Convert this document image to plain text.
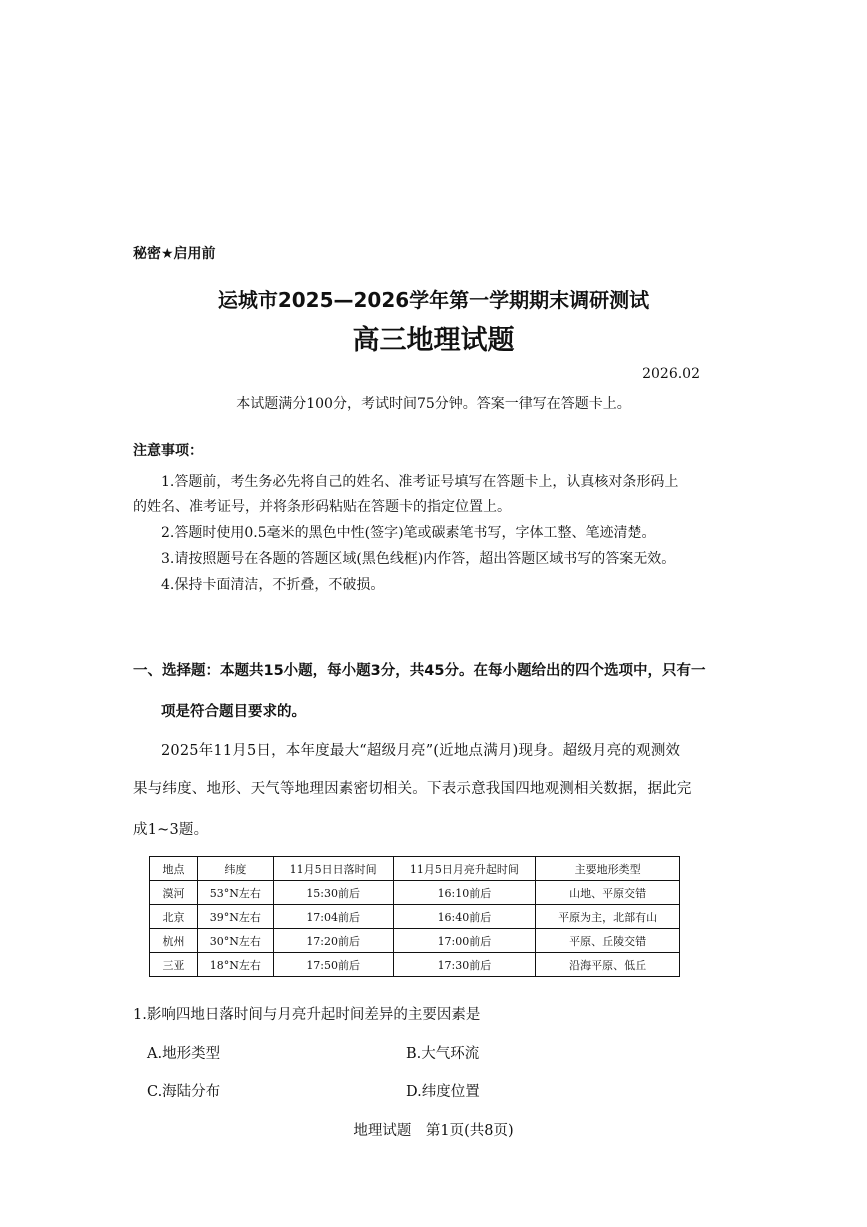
秘密★启用前
运城市2025—2026学年第一学期期末调研测试
高三地理试题
2026.02
本试题满分100分，考试时间75分钟。答案一律写在答题卡上。
注意事项：
1.答题前，考生务必先将自己的姓名、准考证号填写在答题卡上，认真核对条形码上
的姓名、准考证号，并将条形码粘贴在答题卡的指定位置上。
2.答题时使用0.5毫米的黑色中性(签字)笔或碳素笔书写，字体工整、笔迹清楚。
3.请按照题号在各题的答题区域(黑色线框)内作答，超出答题区域书写的答案无效。
4.保持卡面清洁，不折叠，不破损。
一、选择题：本题共15小题，每小题3分，共45分。在每小题给出的四个选项中，只有一
项是符合题目要求的。
2025年11月5日，本年度最大“超级月亮”(近地点满月)现身。超级月亮的观测效
果与纬度、地形、天气等地理因素密切相关。下表示意我国四地观测相关数据，据此完
成1~3题。
地点	纬度	11月5日日落时间	11月5日月亮升起时间	主要地形类型
漠河	53°N左右	15:30前后	16:10前后	山地、平原交错
北京	39°N左右	17:04前后	16:40前后	平原为主，北部有山
杭州	30°N左右	17:20前后	17:00前后	平原、丘陵交错
三亚	18°N左右	17:50前后	17:30前后	沿海平原、低丘
1.影响四地日落时间与月亮升起时间差异的主要因素是
A.地形类型	B.大气环流
C.海陆分布	D.纬度位置
地理试题　第1页(共8页)
